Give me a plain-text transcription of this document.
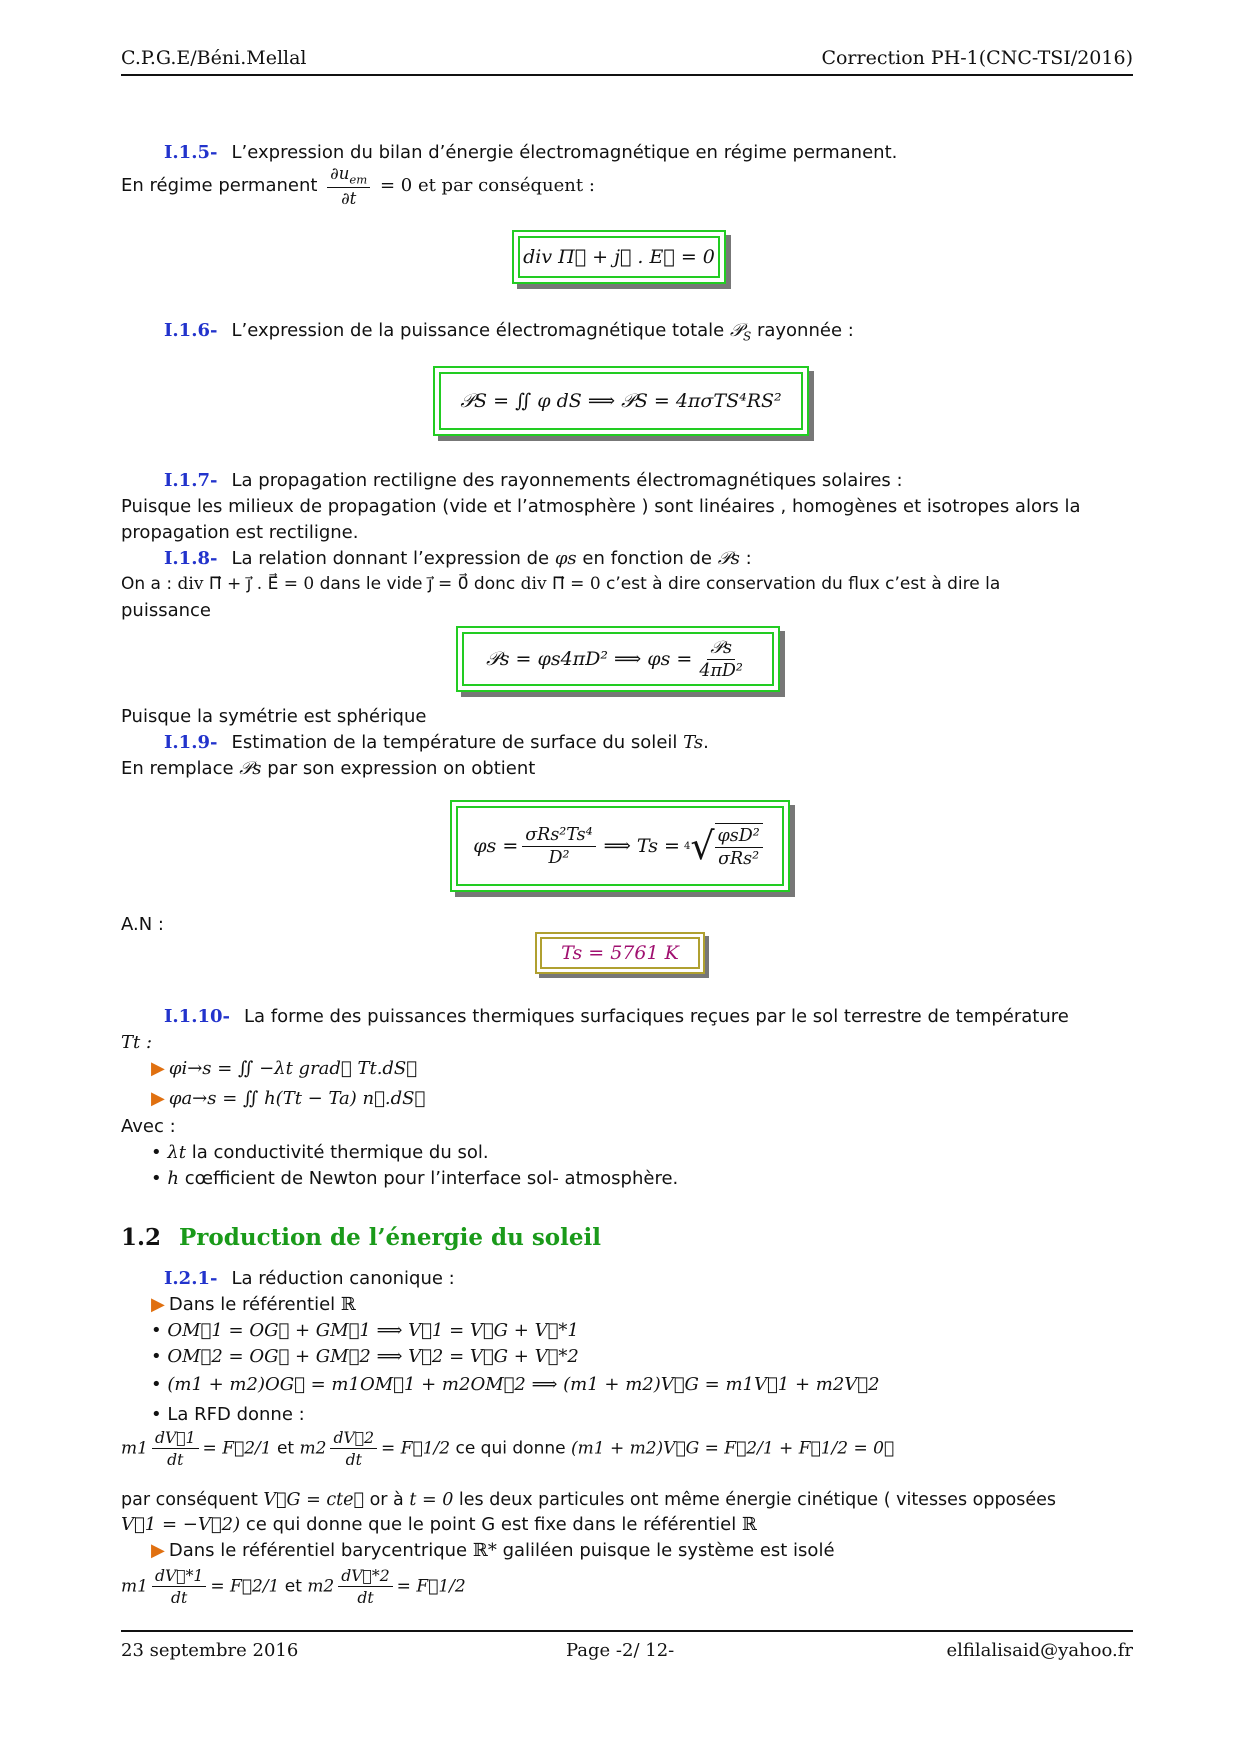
C.P.G.E/Béni.Mellal	Correction PH-1(CNC-TSI/2016)
I.1.5- L’expression du bilan d’énergie électromagnétique en régime permanent.
En régime permanent $\frac{\partial u_{em}}{\partial t} = 0$ et par conséquent :
div Π⃗ + j⃗ . E⃗ = 0
I.1.6- L’expression de la puissance électromagnétique totale 𝒫$_S$ rayonnée :
𝒫S = ∬ φ dS ⟹ 𝒫S = 4πσTS⁴RS²
I.1.7- La propagation rectiligne des rayonnements électromagnétiques solaires :
Puisque les milieux de propagation (vide et l’atmosphère ) sont linéaires , homogènes et isotropes alors la
propagation est rectiligne.
I.1.8- La relation donnant l’expression de φs en fonction de 𝒫s :
On a : div Π⃗ + j⃗ . E⃗ = 0 dans le vide j⃗ = 0⃗ donc div Π⃗ = 0 c’est à dire conservation du flux c’est à dire la
puissance
𝒫s = φs4πD² ⟹ $\varphi s = \frac{\text{𝒫s}}{\text{4πD²}}$
Puisque la symétrie est sphérique
I.1.9- Estimation de la température de surface du soleil Ts.
En remplace 𝒫s par son expression on obtient
$\varphi s = \frac{\text{σRs²Ts⁴}}{\text{D²}}$ ⟹ Ts = 4 √ $\frac{\text{φsD²}}{\text{σRs²}}$
A.N :
Ts = 5761 K
I.1.10- La forme des puissances thermiques surfaciques reçues par le sol terrestre de température
Tt :
▶ φi→s = ∬ −λt grad⃗ Tt.dS⃗
▶ φa→s = ∬ h(Tt − Ta) n⃗.dS⃗
Avec :
• λt la conductivité thermique du sol.
• h cœfficient de Newton pour l’interface sol- atmosphère.
1.2 Production de l’énergie du soleil
I.2.1- La réduction canonique :
▶ Dans le référentiel ℝ
• OM⃗1 = OG⃗ + GM⃗1 ⟹ V⃗1 = V⃗G + V⃗*1
• OM⃗2 = OG⃗ + GM⃗2 ⟹ V⃗2 = V⃗G + V⃗*2
• (m1 + m2)OG⃗ = m1OM⃗1 + m2OM⃗2 ⟹ (m1 + m2)V⃗G = m1V⃗1 + m2V⃗2
• La RFD donne :
$m1 \frac{dV⃗1}{dt}$ = F⃗2/1 et $m2 \frac{dV⃗2}{dt}$ = F⃗1/2 ce qui donne (m1 + m2)V⃗G = F⃗2/1 + F⃗1/2 = 0⃗
par conséquent V⃗G = cte⃗ or à t = 0 les deux particules ont même énergie cinétique ( vitesses opposées
V⃗1 = −V⃗2) ce qui donne que le point G est fixe dans le référentiel ℝ
▶ Dans le référentiel barycentrique ℝ* galiléen puisque le système est isolé
$m1 \frac{dV⃗*1}{dt}$ = F⃗2/1 et $m2 \frac{dV⃗*2}{dt}$ = F⃗1/2
23 septembre 2016	Page -2/ 12-	elfilalisaid@yahoo.fr
